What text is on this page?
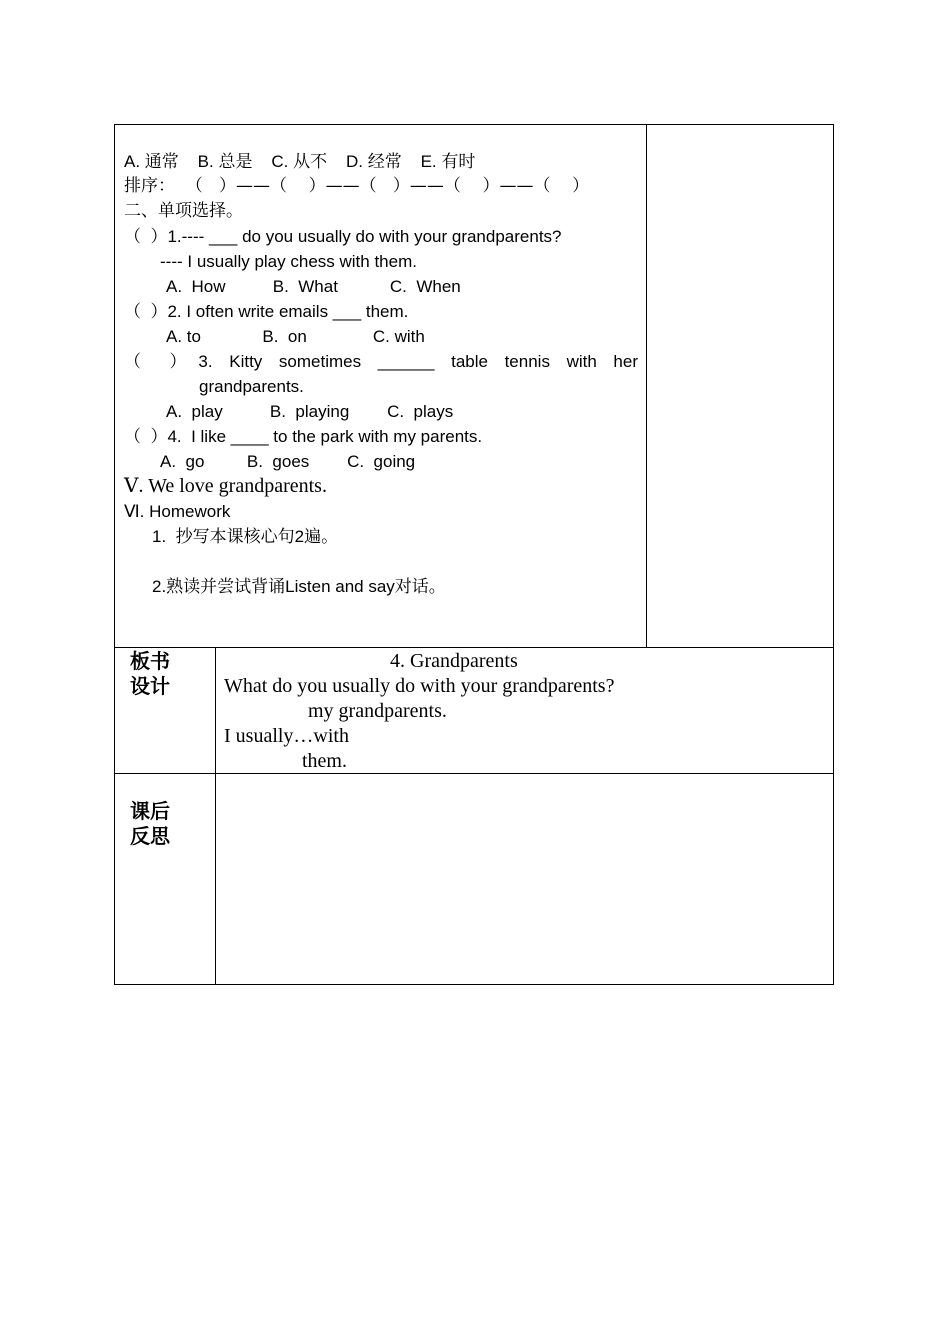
A. 通常    B. 总是    C. 从不    D. 经常    E. 有时
排序：  （   ）——（    ）——（   ）——（    ）——（    ）
二、单项选择。
（  ）1.---- ___ do you usually do with your grandparents?
---- I usually play chess with them.
A.  How          B.  What           C.  When
（  ）2. I often write emails ___ them.
A. to             B.  on              C. with
（ ）3. Kitty sometimes ______ table tennis with her
grandparents.
A.  play          B.  playing        C.  plays
（  ）4.  I like ____ to the park with my parents.
A.  go         B.  goes        C.  going
Ⅴ. We love grandparents.
Ⅵ. Homework
1.  抄写本课核心句2遍。
2.熟读并尝试背诵Listen and say对话。
板书
设计
4. Grandparents
What do you usually do with your grandparents?
my grandparents.
I usually…with
them.
课后
反思
